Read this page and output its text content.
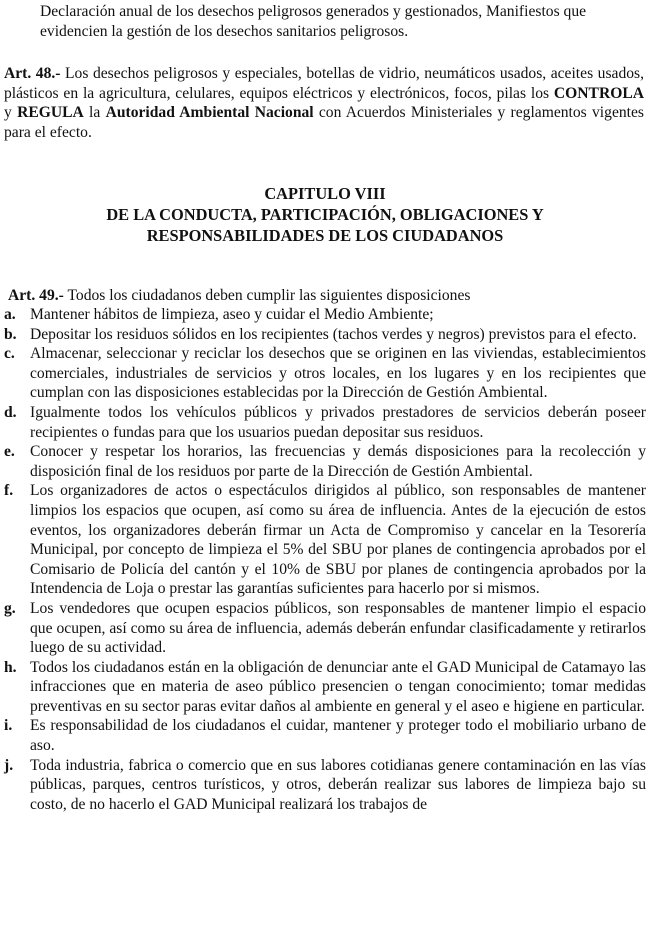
Declaración anual de los desechos peligrosos generados y gestionados, Manifiestos que evidencien la gestión de los desechos sanitarios peligrosos.
Art. 48.- Los desechos peligrosos y especiales, botellas de vidrio, neumáticos usados, aceites usados, plásticos en la agricultura, celulares, equipos eléctricos y electrónicos, focos, pilas los CONTROLA y REGULA la Autoridad Ambiental Nacional con Acuerdos Ministeriales y reglamentos vigentes para el efecto.
CAPITULO VIII
DE LA CONDUCTA, PARTICIPACIÓN, OBLIGACIONES Y
RESPONSABILIDADES DE LOS CIUDADANOS
Art. 49.- Todos los ciudadanos deben cumplir las siguientes disposiciones
a. Mantener hábitos de limpieza, aseo y cuidar el Medio Ambiente;
b. Depositar los residuos sólidos en los recipientes (tachos verdes y negros) previstos para el efecto.
c. Almacenar, seleccionar y reciclar los desechos que se originen en las viviendas, establecimientos comerciales, industriales de servicios y otros locales, en los lugares y en los recipientes que cumplan con las disposiciones establecidas por la Dirección de Gestión Ambiental.
d. Igualmente todos los vehículos públicos y privados prestadores de servicios deberán poseer recipientes o fundas para que los usuarios puedan depositar sus residuos.
e. Conocer y respetar los horarios, las frecuencias y demás disposiciones para la recolección y disposición final de los residuos por parte de la Dirección de Gestión Ambiental.
f. Los organizadores de actos o espectáculos dirigidos al público, son responsables de mantener limpios los espacios que ocupen, así como su área de influencia. Antes de la ejecución de estos eventos, los organizadores deberán firmar un Acta de Compromiso y cancelar en la Tesorería Municipal, por concepto de limpieza el 5% del SBU por planes de contingencia aprobados por el Comisario de Policía del cantón y el 10% de SBU por planes de contingencia aprobados por la Intendencia de Loja o prestar las garantías suficientes para hacerlo por si mismos.
g. Los vendedores que ocupen espacios públicos, son responsables de mantener limpio el espacio que ocupen, así como su área de influencia, además deberán enfundar clasificadamente y retirarlos luego de su actividad.
h. Todos los ciudadanos están en la obligación de denunciar ante el GAD Municipal de Catamayo las infracciones que en materia de aseo público presencien o tengan conocimiento; tomar medidas preventivas en su sector paras evitar daños al ambiente en general y el aseo e higiene en particular.
i. Es responsabilidad de los ciudadanos el cuidar, mantener y proteger todo el mobiliario urbano de aso.
j. Toda industria, fabrica o comercio que en sus labores cotidianas genere contaminación en las vías públicas, parques, centros turísticos, y otros, deberán realizar sus labores de limpieza bajo su costo, de no hacerlo el GAD Municipal realizará los trabajos de
